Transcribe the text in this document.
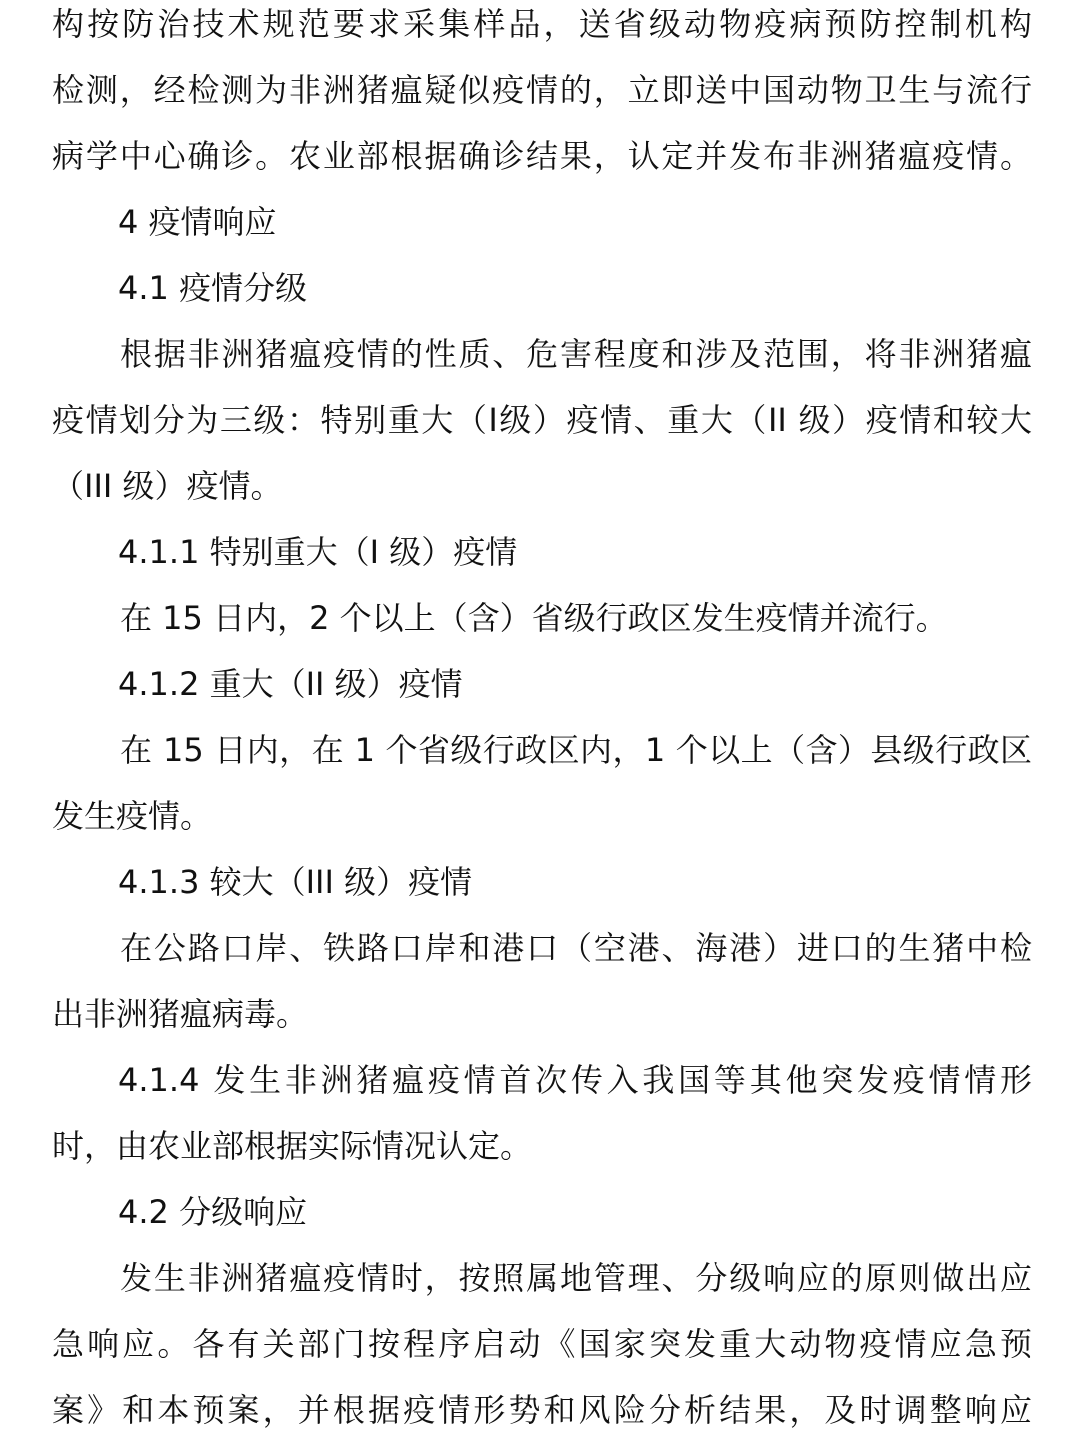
构按防治技术规范要求采集样品，送省级动物疫病预防控制机构
检测，经检测为非洲猪瘟疑似疫情的，立即送中国动物卫生与流行
病学中心确诊。农业部根据确诊结果，认定并发布非洲猪瘟疫情。
4 疫情响应
4.1 疫情分级
根据非洲猪瘟疫情的性质、危害程度和涉及范围，将非洲猪瘟
疫情划分为三级：特别重大（Ⅰ级）疫情、重大（II 级）疫情和较大
（III 级）疫情。
4.1.1 特别重大（I 级）疫情
在 15 日内，2 个以上（含）省级行政区发生疫情并流行。
4.1.2 重大（II 级）疫情
在 15 日内，在 1 个省级行政区内，1 个以上（含）县级行政区
发生疫情。
4.1.3 较大（III 级）疫情
在公路口岸、铁路口岸和港口（空港、海港）进口的生猪中检
出非洲猪瘟病毒。
4.1.4 发生非洲猪瘟疫情首次传入我国等其他突发疫情情形
时，由农业部根据实际情况认定。
4.2 分级响应
发生非洲猪瘟疫情时，按照属地管理、分级响应的原则做出应
急响应。各有关部门按程序启动《国家突发重大动物疫情应急预
案》和本预案，并根据疫情形势和风险分析结果，及时调整响应
